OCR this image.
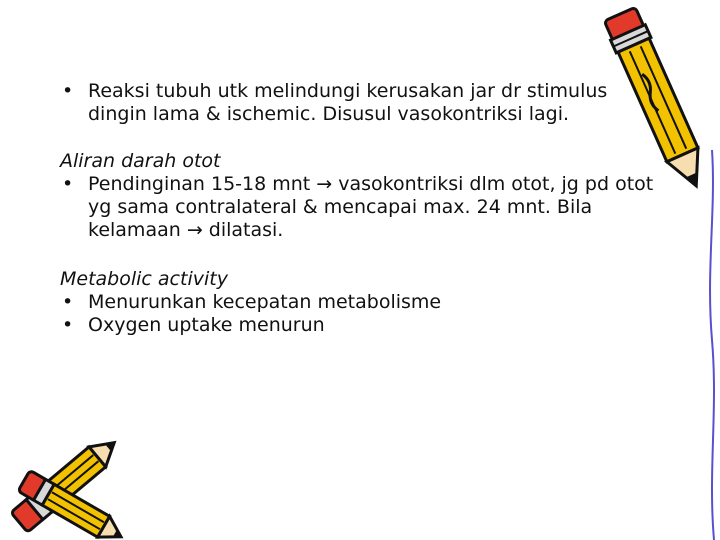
• Reaksi tubuh utk melindungi kerusakan jar dr stimulus dingin lama & ischemic. Disusul vasokontriksi lagi.
Aliran darah otot
• Pendinginan 15-18 mnt → vasokontriksi dlm otot, jg pd otot yg sama contralateral & mencapai max. 24 mnt. Bila kelamaan → dilatasi.
Metabolic activity
• Menurunkan kecepatan metabolisme
• Oxygen uptake menurun
